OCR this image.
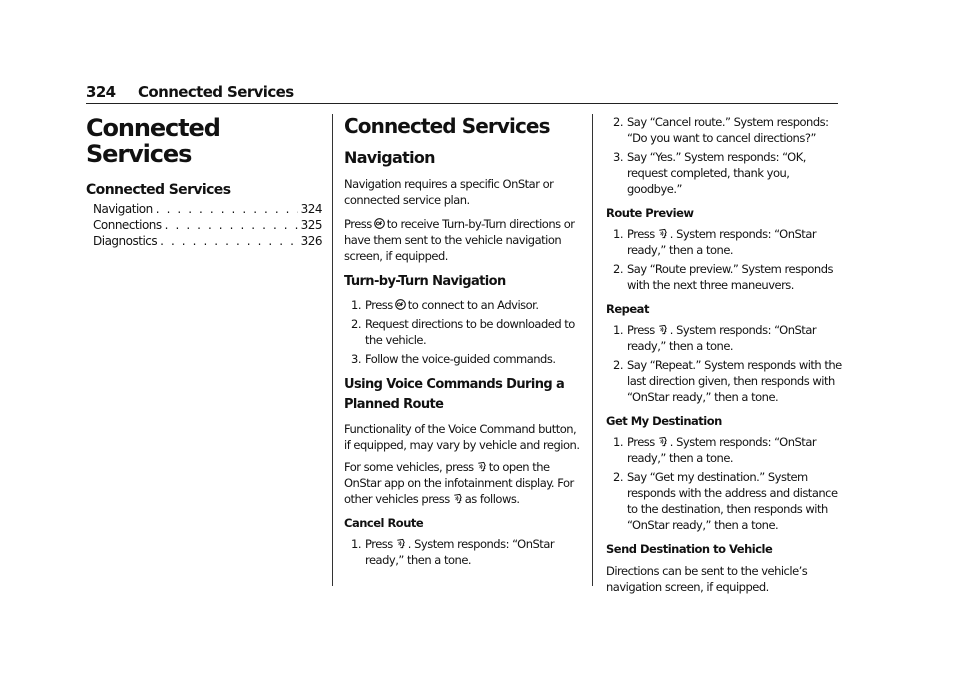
324 Connected Services
Connected Services
Connected Services
Navigation . . .	324
Connections . . .	325
Diagnostics . . .	326
Connected Services
Navigation
Navigation requires a specific OnStar or connected service plan.
Press to receive Turn-by-Turn directions or have them sent to the vehicle navigation screen, if equipped.
Turn-by-Turn Navigation
1. Press to connect to an Advisor.
2. Request directions to be downloaded to the vehicle.
3. Follow the voice-guided commands.
Using Voice Commands During a Planned Route
Functionality of the Voice Command button, if equipped, may vary by vehicle and region.
For some vehicles, press to open the OnStar app on the infotainment display. For other vehicles press as follows.
Cancel Route
1. Press . System responds: “OnStar ready,” then a tone.
2. Say “Cancel route.” System responds: “Do you want to cancel directions?”
3. Say “Yes.” System responds: “OK, request completed, thank you, goodbye.”
Route Preview
1. Press . System responds: “OnStar ready,” then a tone.
2. Say “Route preview.” System responds with the next three maneuvers.
Repeat
1. Press . System responds: “OnStar ready,” then a tone.
2. Say “Repeat.” System responds with the last direction given, then responds with “OnStar ready,” then a tone.
Get My Destination
1. Press . System responds: “OnStar ready,” then a tone.
2. Say “Get my destination.” System responds with the address and distance to the destination, then responds with “OnStar ready,” then a tone.
Send Destination to Vehicle
Directions can be sent to the vehicle’s navigation screen, if equipped.
